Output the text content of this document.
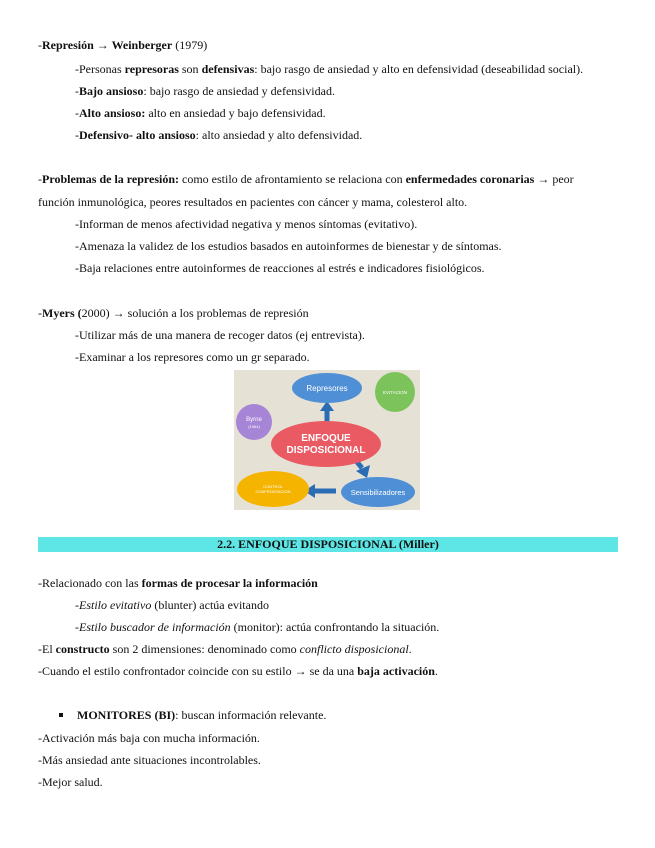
-Represión → Weinberger (1979)
-Personas represoras son defensivas: bajo rasgo de ansiedad y alto en defensividad (deseabilidad social).
-Bajo ansioso: bajo rasgo de ansiedad y defensividad.
-Alto ansioso: alto en ansiedad y bajo defensividad.
-Defensivo- alto ansioso: alto ansiedad y alto defensividad.
-Problemas de la represión: como estilo de afrontamiento se relaciona con enfermedades coronarias → peor
función inmunológica, peores resultados en pacientes con cáncer y mama, colesterol alto.
-Informan de menos afectividad negativa y menos síntomas (evitativo).
-Amenaza la validez de los estudios basados en autoinformes de bienestar y de síntomas.
-Baja relaciones entre autoinformes de reacciones al estrés e indicadores fisiológicos.
-Myers (2000) → solución a los problemas de represión
-Utilizar más de una manera de recoger datos (ej entrevista).
-Examinar a los represores como un gr separado.
Represores	EVITACION
Byrne
(1964)
ENFOQUE
DISPOSICIONAL
Sensibilizadores
CONTROL
CONFRONTACION
2.2. ENFOQUE DISPOSICIONAL (Miller)
-Relacionado con las formas de procesar la información
-Estilo evitativo (blunter) actúa evitando
-Estilo buscador de información (monitor): actúa confrontando la situación.
-El constructo son 2 dimensiones: denominado como conflicto disposicional.
-Cuando el estilo confrontador coincide con su estilo → se da una baja activación.
MONITORES (BI): buscan información relevante.
-Activación más baja con mucha información.
-Más ansiedad ante situaciones incontrolables.
-Mejor salud.
